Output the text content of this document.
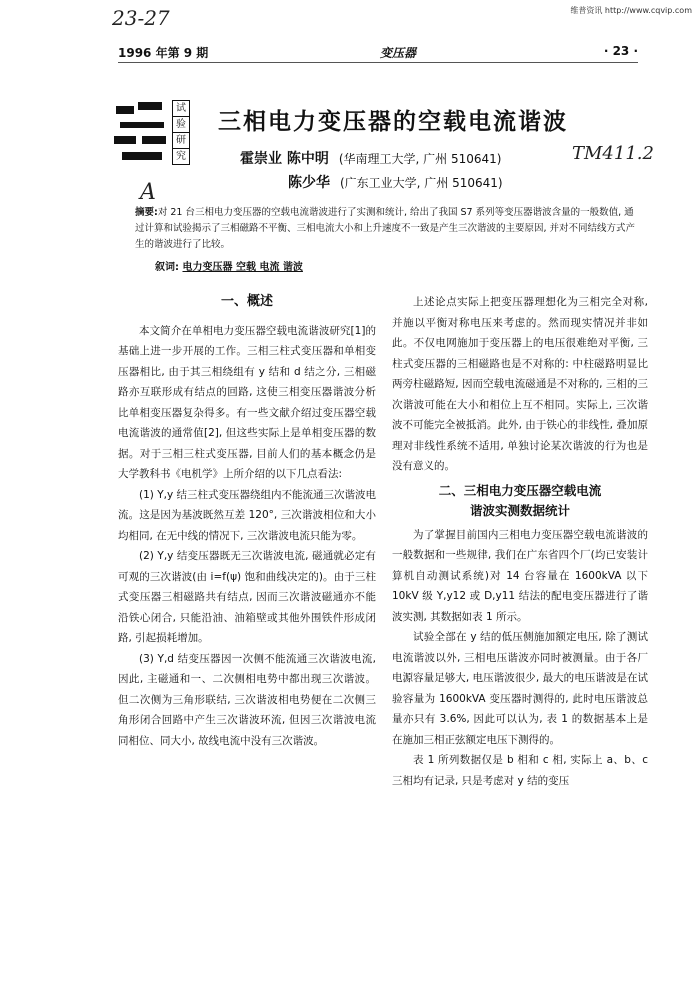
维普资讯 http://www.cqvip.com
23-27
1996 年第 9 期	变压器	· 23 ·
试
验
研
究
三相电力变压器的空载电流谐波
霍崇业 陈中明 (华南理工大学, 广州 510641)	TM411.2
陈少华 (广东工业大学, 广州 510641)
A
摘要:对 21 台三相电力变压器的空载电流谐波进行了实测和统计, 给出了我国 S7 系列等变压器谐波含量的一般数值, 通过计算和试验揭示了三相磁路不平衡、三相电流大小和上升速度不一致是产生三次谐波的主要原因, 并对不同结线方式产生的谐波进行了比较。
叙词: 电力变压器 空载 电流 谐波
一、概述

本文简介在单相电力变压器空载电流谐波研究[1]的基础上进一步开展的工作。三相三柱式变压器和单相变压器相比, 由于其三相绕组有 y 结和 d 结之分, 三相磁路亦互联形成有结点的回路, 这使三相变压器谐波分析比单相变压器复杂得多。有一些文献介绍过变压器空载电流谐波的通常值[2], 但这些实际上是单相变压器的数据。对于三相三柱式变压器, 目前人们的基本概念仍是大学教科书《电机学》上所介绍的以下几点看法:

(1) Y,y 结三柱式变压器绕组内不能流通三次谐波电流。这是因为基波既然互差 120°, 三次谐波相位和大小均相同, 在无中线的情况下, 三次谐波电流只能为零。

(2) Y,y 结变压器既无三次谐波电流, 磁通就必定有可观的三次谐波(由 i=f(ψ) 饱和曲线决定的)。由于三柱式变压器三相磁路共有结点, 因而三次谐波磁通亦不能沿铁心闭合, 只能沿油、油箱壁或其他外围铁件形成闭路, 引起损耗增加。

(3) Y,d 结变压器因一次侧不能流通三次谐波电流, 因此, 主磁通和一、二次侧相电势中都出现三次谐波。但二次侧为三角形联结, 三次谐波相电势便在二次侧三角形闭合回路中产生三次谐波环流, 但因三次谐波电流同相位、同大小, 故线电流中没有三次谐波。

上述论点实际上把变压器理想化为三相完全对称, 并施以平衡对称电压来考虑的。然而现实情况并非如此。不仅电网施加于变压器上的电压很难绝对平衡, 三柱式变压器的三相磁路也是不对称的: 中柱磁路明显比两旁柱磁路短, 因而空载电流磁通是不对称的, 三相的三次谐波可能在大小和相位上互不相同。实际上, 三次谐波不可能完全被抵消。此外, 由于铁心的非线性, 叠加原理对非线性系统不适用, 单独讨论某次谐波的行为也是没有意义的。

二、三相电力变压器空载电流
谐波实测数据统计

为了掌握目前国内三相电力变压器空载电流谐波的一般数据和一些规律, 我们在广东省四个厂(均已安装计算机自动测试系统)对 14 台容量在 1600kVA 以下 10kV 级 Y,y12 或 D,y11 结法的配电变压器进行了谐波实测, 其数据如表 1 所示。

试验全部在 y 结的低压侧施加额定电压, 除了测试电流谐波以外, 三相电压谐波亦同时被测量。由于各厂电源容量足够大, 电压谐波很少, 最大的电压谐波是在试验容量为 1600kVA 变压器时测得的, 此时电压谐波总量亦只有 3.6%, 因此可以认为, 表 1 的数据基本上是在施加三相正弦额定电压下测得的。

表 1 所列数据仅是 b 相和 c 相, 实际上 a、b、c 三相均有记录, 只是考虑对 y 结的变压
